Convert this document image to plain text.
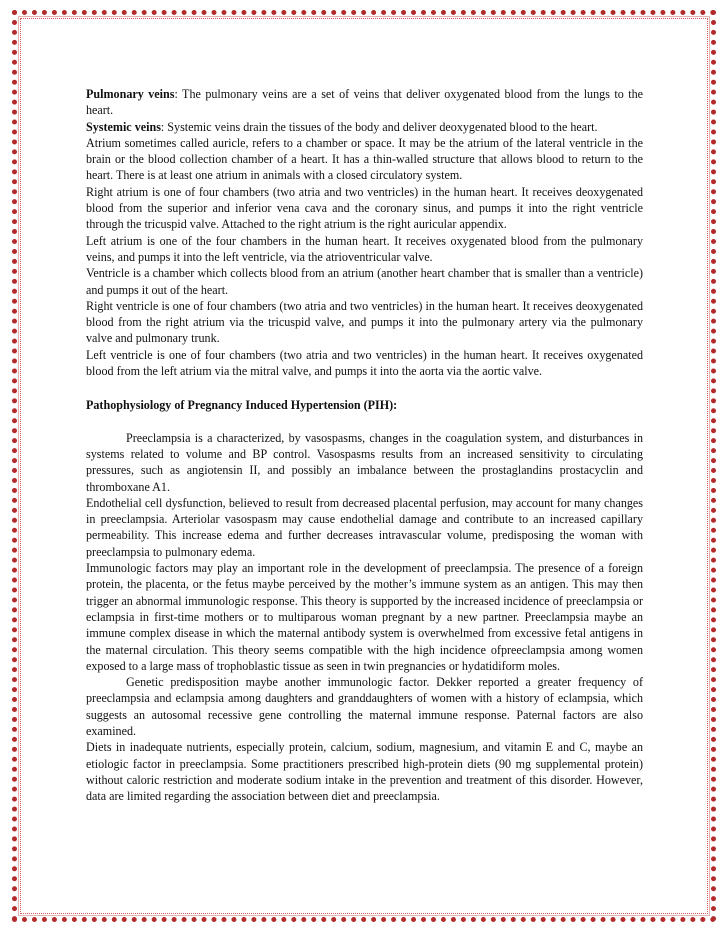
Pulmonary veins: The pulmonary veins are a set of veins that deliver oxygenated blood from the lungs to the heart.

Systemic veins: Systemic veins drain the tissues of the body and deliver deoxygenated blood to the heart.

Atrium sometimes called auricle, refers to a chamber or space. It may be the atrium of the lateral ventricle in the brain or the blood collection chamber of a heart. It has a thin-walled structure that allows blood to return to the heart. There is at least one atrium in animals with a closed circulatory system.

Right atrium is one of four chambers (two atria and two ventricles) in the human heart. It receives deoxygenated blood from the superior and inferior vena cava and the coronary sinus, and pumps it into the right ventricle through the tricuspid valve. Attached to the right atrium is the right auricular appendix.

Left atrium is one of the four chambers in the human heart. It receives oxygenated blood from the pulmonary veins, and pumps it into the left ventricle, via the atrioventricular valve.

Ventricle is a chamber which collects blood from an atrium (another heart chamber that is smaller than a ventricle) and pumps it out of the heart.

Right ventricle is one of four chambers (two atria and two ventricles) in the human heart. It receives deoxygenated blood from the right atrium via the tricuspid valve, and pumps it into the pulmonary artery via the pulmonary valve and pulmonary trunk.

Left ventricle is one of four chambers (two atria and two ventricles) in the human heart. It receives oxygenated blood from the left atrium via the mitral valve, and pumps it into the aorta via the aortic valve.

Pathophysiology of Pregnancy Induced Hypertension (PIH):

Preeclampsia is a characterized, by vasospasms, changes in the coagulation system, and disturbances in systems related to volume and BP control. Vasospasms results from an increased sensitivity to circulating pressures, such as angiotensin II, and possibly an imbalance between the prostaglandins prostacyclin and thromboxane A1.

Endothelial cell dysfunction, believed to result from decreased placental perfusion, may account for many changes in preeclampsia. Arteriolar vasospasm may cause endothelial damage and contribute to an increased capillary permeability. This increase edema and further decreases intravascular volume, predisposing the woman with preeclampsia to pulmonary edema.

Immunologic factors may play an important role in the development of preeclampsia. The presence of a foreign protein, the placenta, or the fetus maybe perceived by the mother’s immune system as an antigen. This may then trigger an abnormal immunologic response. This theory is supported by the increased incidence of preeclampsia or eclampsia in first-time mothers or to multiparous woman pregnant by a new partner. Preeclampsia maybe an immune complex disease in which the maternal antibody system is overwhelmed from excessive fetal antigens in the maternal circulation. This theory seems compatible with the high incidence ofpreeclampsia among women exposed to a large mass of trophoblastic tissue as seen in twin pregnancies or hydatidiform moles.

Genetic predisposition maybe another immunologic factor. Dekker reported a greater frequency of preeclampsia and eclampsia among daughters and granddaughters of women with a history of eclampsia, which suggests an autosomal recessive gene controlling the maternal immune response. Paternal factors are also examined.

Diets in inadequate nutrients, especially protein, calcium, sodium, magnesium, and vitamin E and C, maybe an etiologic factor in preeclampsia. Some practitioners prescribed high-protein diets (90 mg supplemental protein) without caloric restriction and moderate sodium intake in the prevention and treatment of this disorder. However, data are limited regarding the association between diet and preeclampsia.
